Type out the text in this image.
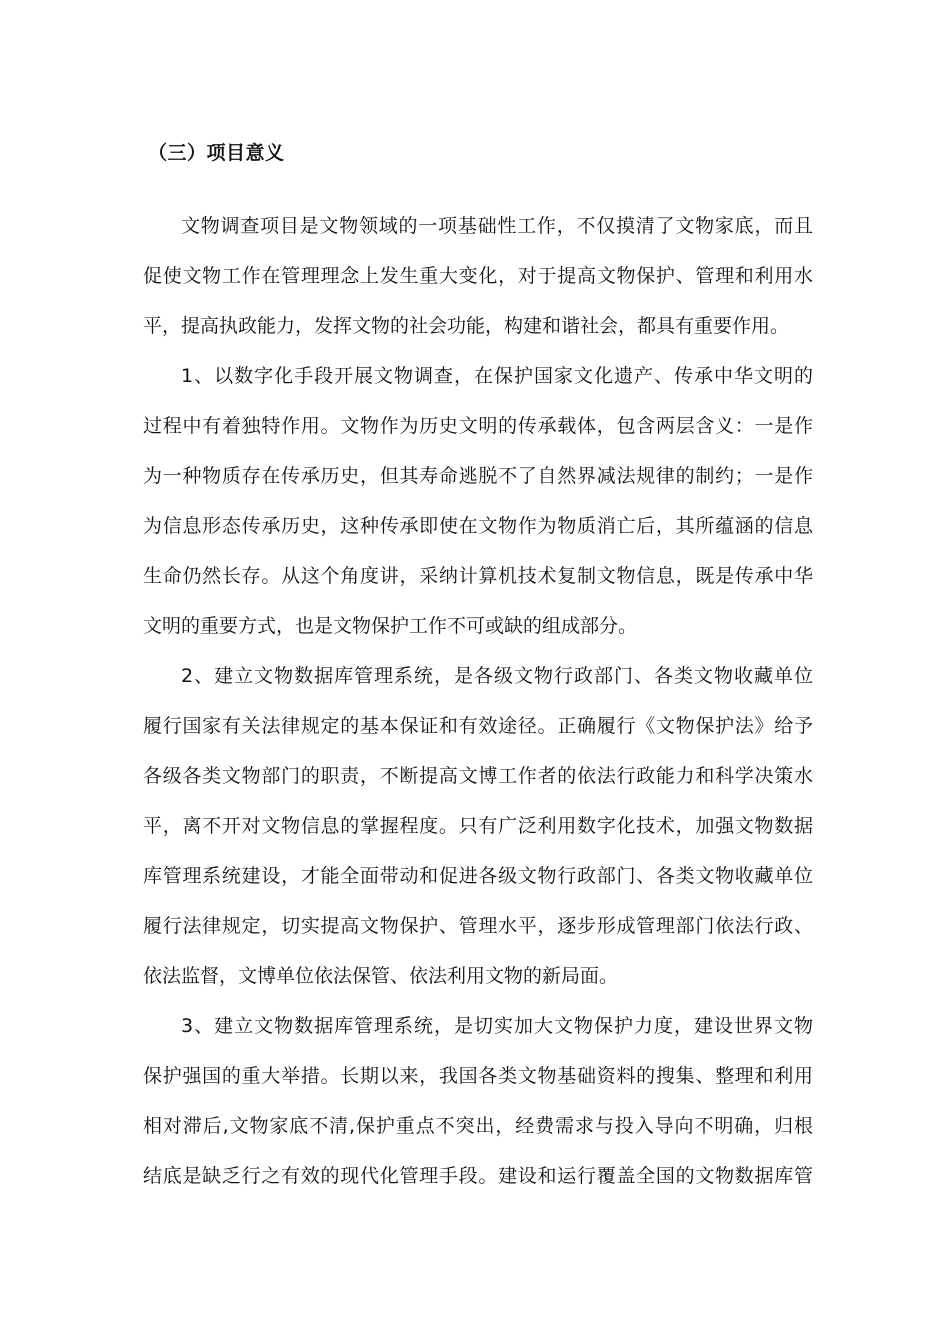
（三）项目意义
文物调查项目是文物领域的一项基础性工作，不仅摸清了文物家底，而且
促使文物工作在管理理念上发生重大变化，对于提高文物保护、管理和利用水
平，提高执政能力，发挥文物的社会功能，构建和谐社会，都具有重要作用。
1、以数字化手段开展文物调查，在保护国家文化遗产、传承中华文明的
过程中有着独特作用。文物作为历史文明的传承载体，包含两层含义：一是作
为一种物质存在传承历史，但其寿命逃脱不了自然界减法规律的制约；一是作
为信息形态传承历史，这种传承即使在文物作为物质消亡后，其所蕴涵的信息
生命仍然长存。从这个角度讲，采纳计算机技术复制文物信息，既是传承中华
文明的重要方式，也是文物保护工作不可或缺的组成部分。
2、建立文物数据库管理系统，是各级文物行政部门、各类文物收藏单位
履行国家有关法律规定的基本保证和有效途径。正确履行《文物保护法》给予
各级各类文物部门的职责，不断提高文博工作者的依法行政能力和科学决策水
平，离不开对文物信息的掌握程度。只有广泛利用数字化技术，加强文物数据
库管理系统建设，才能全面带动和促进各级文物行政部门、各类文物收藏单位
履行法律规定，切实提高文物保护、管理水平，逐步形成管理部门依法行政、
依法监督，文博单位依法保管、依法利用文物的新局面。
3、建立文物数据库管理系统，是切实加大文物保护力度，建设世界文物
保护强国的重大举措。长期以来，我国各类文物基础资料的搜集、整理和利用
相对滞后,文物家底不清,保护重点不突出，经费需求与投入导向不明确，归根
结底是缺乏行之有效的现代化管理手段。建设和运行覆盖全国的文物数据库管
